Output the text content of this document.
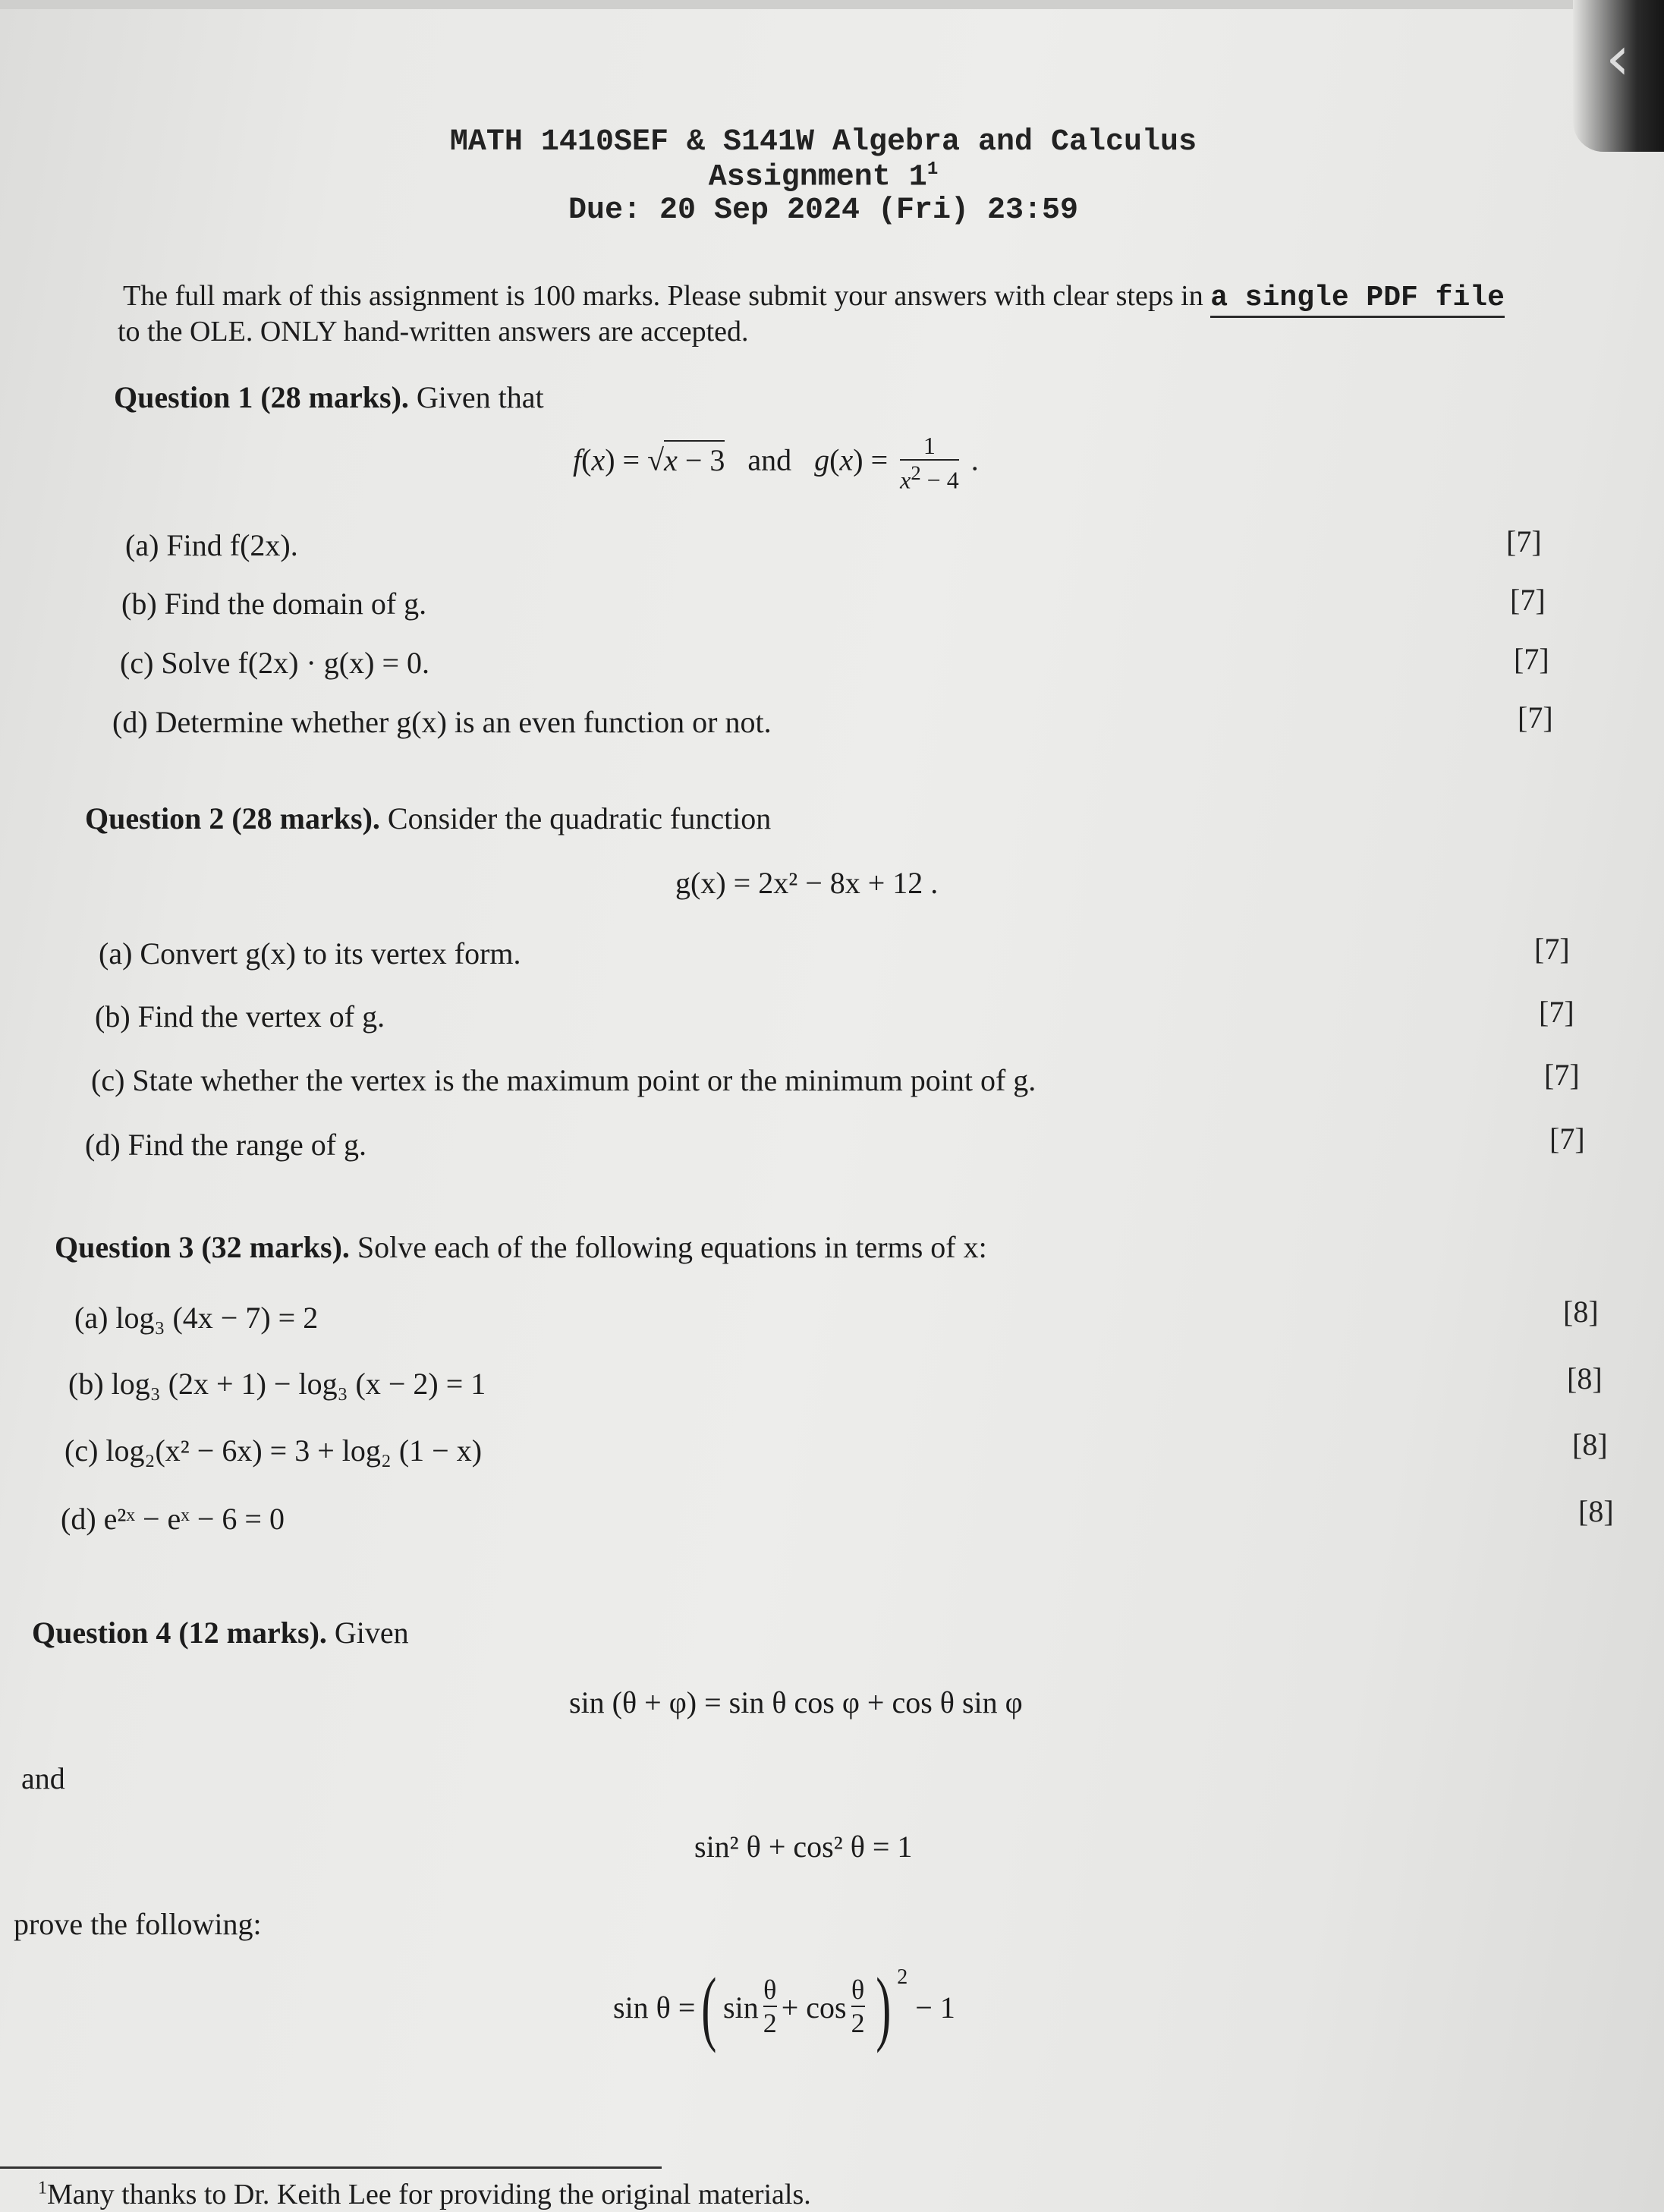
‹
MATH 1410SEF & S141W Algebra and Calculus
Assignment $1^1$
Due: 20 Sep 2024 (Fri) 23:59
The full mark of this assignment is 100 marks. Please submit your answers with clear steps in a single PDF file
to the OLE. ONLY hand-written answers are accepted.
Question 1 (28 marks). Given that
f(x) = √x − 3 and $g(x) = \frac{1}{x^2 - 4}$ .
(a) Find f(2x).	[7]
(b) Find the domain of g.	[7]
(c) Solve f(2x) · g(x) = 0.	[7]
(d) Determine whether g(x) is an even function or not.	[7]
Question 2 (28 marks). Consider the quadratic function
g(x) = 2x² − 8x + 12 .
(a) Convert g(x) to its vertex form.	[7]
(b) Find the vertex of g.	[7]
(c) State whether the vertex is the maximum point or the minimum point of g.	[7]
(d) Find the range of g.	[7]
Question 3 (32 marks). Solve each of the following equations in terms of x:
(a) log₃ (4x − 7) = 2	[8]
(b) log₃ (2x + 1) − log₃ (x − 2) = 1	[8]
(c) log₂(x² − 6x) = 3 + log₂ (1 − x)	[8]
(d) e²ˣ − eˣ − 6 = 0	[8]
Question 4 (12 marks). Given
sin (θ + φ) = sin θ cos φ + cos θ sin φ
and
sin² θ + cos² θ = 1
prove the following:
sin θ = ( $\sin \frac{\theta}{2}$ +
$\cos \frac{\theta}{2}$ ) $^2$

− 1
$^1$Many thanks to Dr. Keith Lee for providing the original materials.
